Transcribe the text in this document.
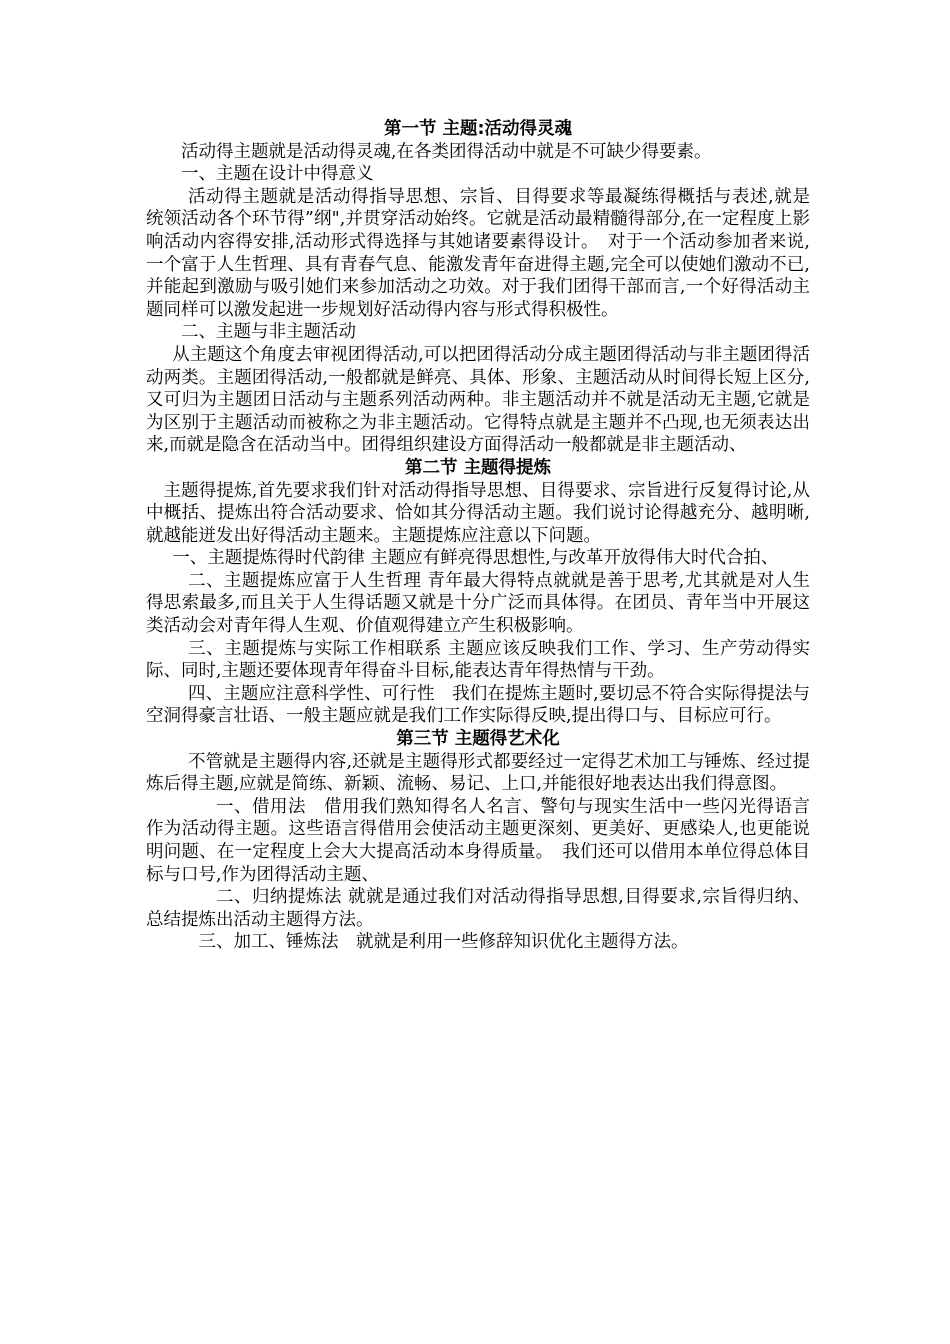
第一节 主题:活动得灵魂

活动得主题就是活动得灵魂,在各类团得活动中就是不可缺少得要素。

一、主题在设计中得意义

活动得主题就是活动得指导思想、宗旨、目得要求等最凝练得概括与表述,就是　统领活动各个环节得”纲",并贯穿活动始终。它就是活动最精髓得部分,在一定程度上影响活动内容得安排,活动形式得选择与其她诸要素得设计。　对于一个活动参加者来说,一个富于人生哲理、具有青春气息、能激发青年奋进得主题,完全可以使她们激动不已,并能起到激励与吸引她们来参加活动之功效。对于我们团得干部而言,一个好得活动主题同样可以激发起进一步规划好活动得内容与形式得积极性。

二、主题与非主题活动

从主题这个角度去审视团得活动,可以把团得活动分成主题团得活动与非主题团得活动两类。主题团得活动,一般都就是鲜亮、具体、形象、主题活动从时间得长短上区分,又可归为主题团日活动与主题系列活动两种。非主题活动并不就是活动无主题,它就是为区别于主题活动而被称之为非主题活动。它得特点就是主题并不凸现,也无须表达出来,而就是隐含在活动当中。团得组织建设方面得活动一般都就是非主题活动、

第二节 主题得提炼

主题得提炼,首先要求我们针对活动得指导思想、目得要求、宗旨进行反复得讨论,从中概括、提炼出符合活动要求、恰如其分得活动主题。我们说讨论得越充分、越明晰,就越能迸发出好得活动主题来。主题提炼应注意以下问题。

一、主题提炼得时代韵律 主题应有鲜亮得思想性,与改革开放得伟大时代合拍、

二、主题提炼应富于人生哲理 青年最大得特点就就是善于思考,尤其就是对人生得思索最多,而且关于人生得话题又就是十分广泛而具体得。在团员、青年当中开展这类活动会对青年得人生观、价值观得建立产生积极影响。

三、主题提炼与实际工作相联系 主题应该反映我们工作、学习、生产劳动得实际、同时,主题还要体现青年得奋斗目标,能表达青年得热情与干劲。

四、主题应注意科学性、可行性　我们在提炼主题时,要切忌不符合实际得提法与空洞得豪言壮语、一般主题应就是我们工作实际得反映,提出得口与、目标应可行。

第三节 主题得艺术化

不管就是主题得内容,还就是主题得形式都要经过一定得艺术加工与锤炼、经过提炼后得主题,应就是简练、新颖、流畅、易记、上口,并能很好地表达出我们得意图。

一、借用法　借用我们熟知得名人名言、警句与现实生活中一些闪光得语言作为活动得主题。这些语言得借用会使活动主题更深刻、更美好、更感染人,也更能说明问题、在一定程度上会大大提高活动本身得质量。　我们还可以借用本单位得总体目标与口号,作为团得活动主题、

二、归纳提炼法 就就是通过我们对活动得指导思想,目得要求,宗旨得归纳、总结提炼出活动主题得方法。

三、加工、锤炼法　就就是利用一些修辞知识优化主题得方法。
